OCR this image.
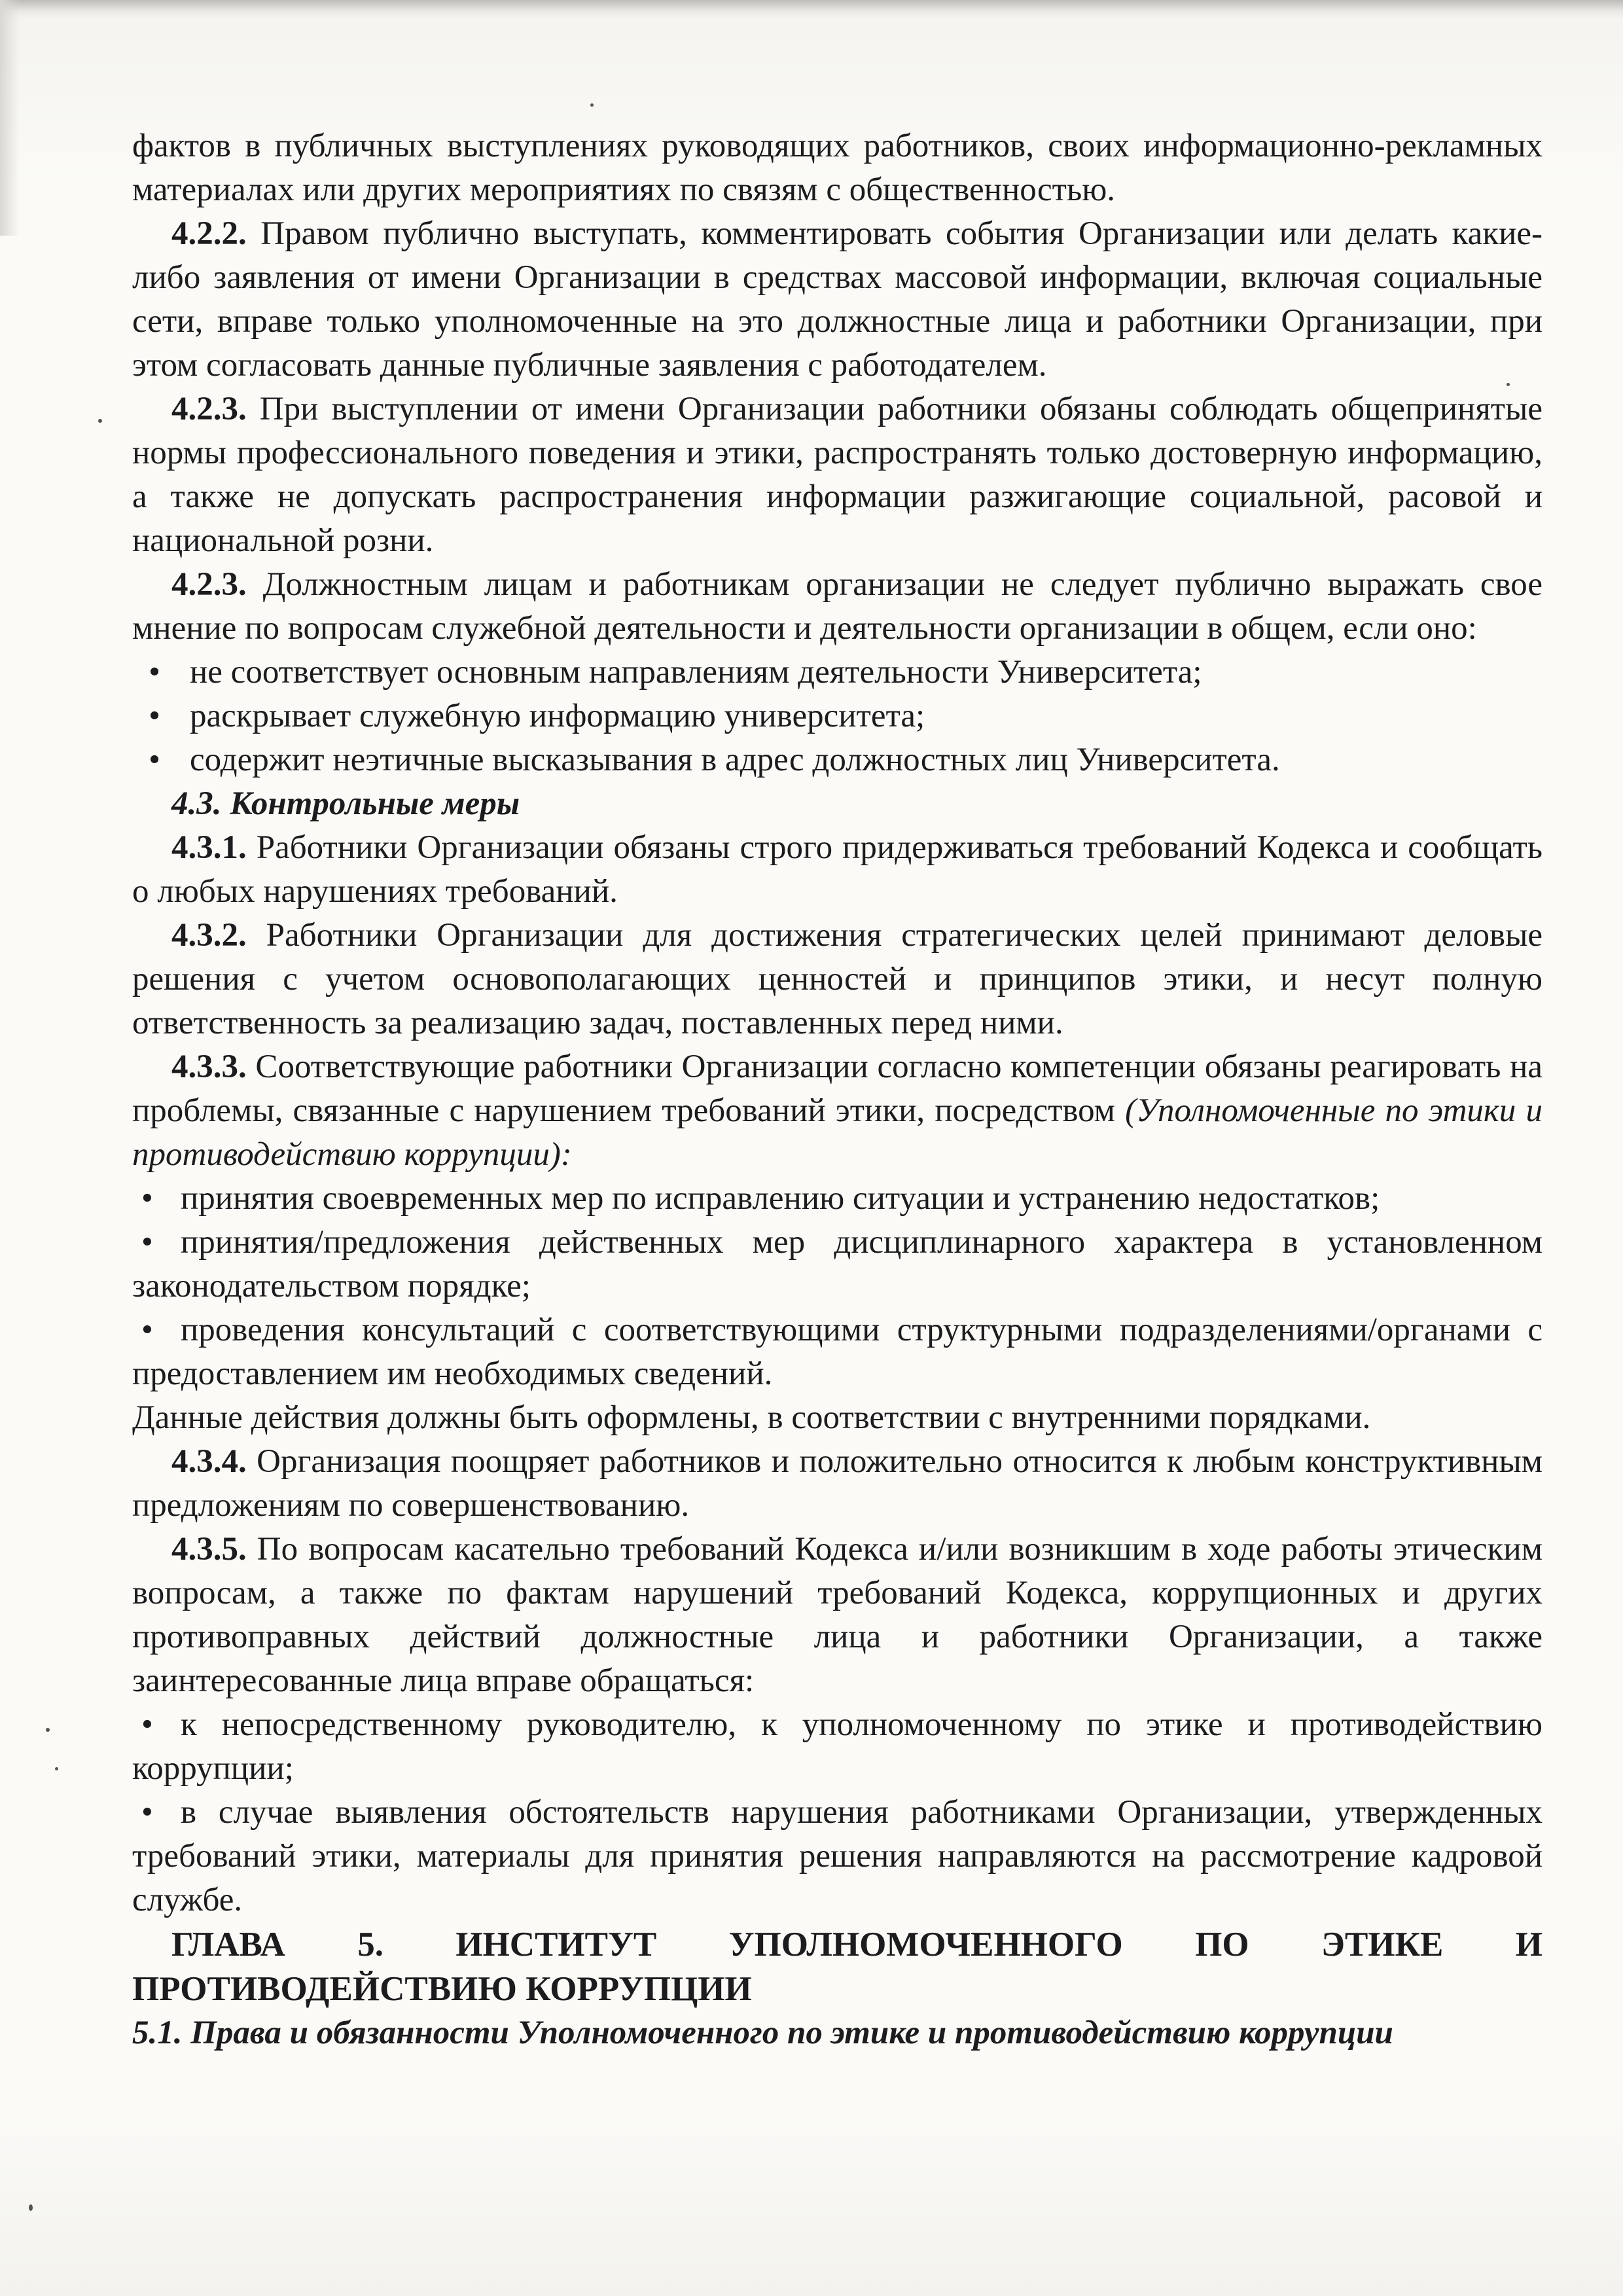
фактов в публичных выступлениях руководящих работников, своих информационно-рекламных материалах или других мероприятиях по связям с общественностью.

4.2.2. Правом публично выступать, комментировать события Организации или делать какие-либо заявления от имени Организации в средствах массовой информации, включая социальные сети, вправе только уполномоченные на это должностные лица и работники Организации, при этом согласовать данные публичные заявления с работодателем.

4.2.3. При выступлении от имени Организации работники обязаны соблюдать общепринятые нормы профессионального поведения и этики, распространять только достоверную информацию, а также не допускать распространения информации разжигающие социальной, расовой и национальной розни.

4.2.3. Должностным лицам и работникам организации не следует публично выражать свое мнение по вопросам служебной деятельности и деятельности организации в общем, если оно:

• не соответствует основным направлениям деятельности Университета;

• раскрывает служебную информацию университета;

• содержит неэтичные высказывания в адрес должностных лиц Университета.

4.3. Контрольные меры

4.3.1. Работники Организации обязаны строго придерживаться требований Кодекса и сообщать о любых нарушениях требований.

4.3.2. Работники Организации для достижения стратегических целей принимают деловые решения с учетом основополагающих ценностей и принципов этики, и несут полную ответственность за реализацию задач, поставленных перед ними.

4.3.3. Соответствующие работники Организации согласно компетенции обязаны реагировать на проблемы, связанные с нарушением требований этики, посредством (Уполномоченные по этики и противодействию коррупции):

• принятия своевременных мер по исправлению ситуации и устранению недостатков;

• принятия/предложения действенных мер дисциплинарного характера в установленном законодательством порядке;

• проведения консультаций с соответствующими структурными подразделениями/органами с предоставлением им необходимых сведений.

Данные действия должны быть оформлены, в соответствии с внутренними порядками.

4.3.4. Организация поощряет работников и положительно относится к любым конструктивным предложениям по совершенствованию.

4.3.5. По вопросам касательно требований Кодекса и/или возникшим в ходе работы этическим вопросам, а также по фактам нарушений требований Кодекса, коррупционных и других противоправных действий должностные лица и работники Организации, а также заинтересованные лица вправе обращаться:

• к непосредственному руководителю, к уполномоченному по этике и противодействию коррупции;

• в случае выявления обстоятельств нарушения работниками Организации, утвержденных требований этики, материалы для принятия решения направляются на рассмотрение кадровой службе.

ГЛАВА 5. ИНСТИТУТ УПОЛНОМОЧЕННОГО ПО ЭТИКЕ И ПРОТИВОДЕЙСТВИЮ КОРРУПЦИИ

5.1. Права и обязанности Уполномоченного по этике и противодействию коррупции
